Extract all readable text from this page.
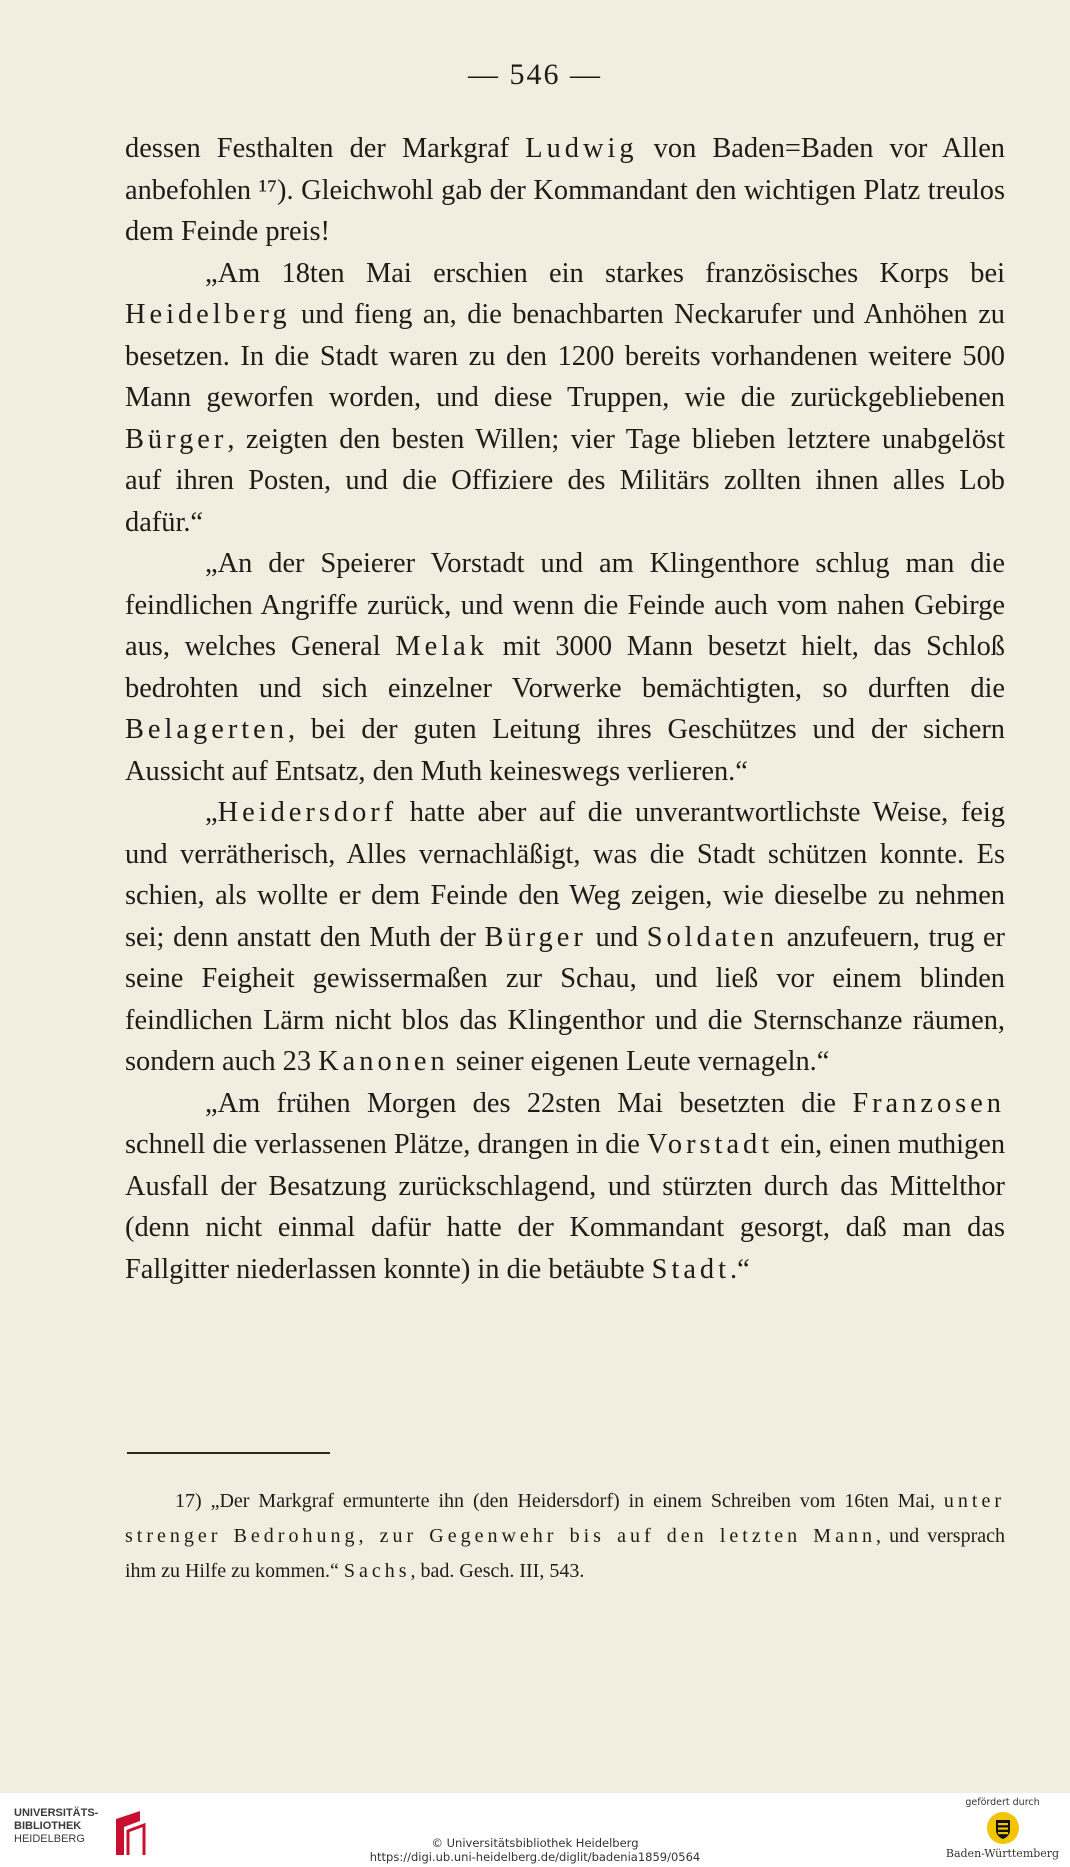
— 546 —

dessen Festhalten der Markgraf Ludwig von Baden=Baden vor Allen anbefohlen ¹⁷). Gleichwohl gab der Kommandant den wichtigen Platz treulos dem Feinde preis!

„Am 18ten Mai erschien ein starkes französisches Korps bei Heidelberg und fieng an, die benachbarten Neckarufer und Anhöhen zu besetzen. In die Stadt waren zu den 1200 bereits vorhandenen weitere 500 Mann geworfen worden, und diese Truppen, wie die zurückgebliebenen Bürger, zeigten den besten Willen; vier Tage blieben letztere unabgelöst auf ihren Posten, und die Offiziere des Militärs zollten ihnen alles Lob dafür.“

„An der Speierer Vorstadt und am Klingenthore schlug man die feindlichen Angriffe zurück, und wenn die Feinde auch vom nahen Gebirge aus, welches General Melak mit 3000 Mann besetzt hielt, das Schloß bedrohten und sich einzelner Vorwerke bemächtigten, so durften die Belagerten, bei der guten Leitung ihres Geschützes und der sichern Aussicht auf Entsatz, den Muth keineswegs verlieren.“

„Heidersdorf hatte aber auf die unverantwortlichste Weise, feig und verrätherisch, Alles vernachläßigt, was die Stadt schützen konnte. Es schien, als wollte er dem Feinde den Weg zeigen, wie dieselbe zu nehmen sei; denn anstatt den Muth der Bürger und Soldaten anzufeuern, trug er seine Feigheit gewissermaßen zur Schau, und ließ vor einem blinden feindlichen Lärm nicht blos das Klingenthor und die Sternschanze räumen, sondern auch 23 Kanonen seiner eigenen Leute vernageln.“

„Am frühen Morgen des 22sten Mai besetzten die Franzosen schnell die verlassenen Plätze, drangen in die Vorstadt ein, einen muthigen Ausfall der Besatzung zurückschlagend, und stürzten durch das Mittelthor (denn nicht einmal dafür hatte der Kommandant gesorgt, daß man das Fallgitter niederlassen konnte) in die betäubte Stadt.“

17) „Der Markgraf ermunterte ihn (den Heidersdorf) in einem Schreiben vom 16ten Mai, unter strenger Bedrohung, zur Gegenwehr bis auf den letzten Mann, und versprach ihm zu Hilfe zu kommen.“ Sachs, bad. Gesch. III, 543.
UNIVERSITÄTS-
BIBLIOTHEK
HEIDELBERG	© Universitätsbibliothek Heidelberg
https://digi.ub.uni-heidelberg.de/diglit/badenia1859/0564
gefördert durch
Baden-Württemberg
